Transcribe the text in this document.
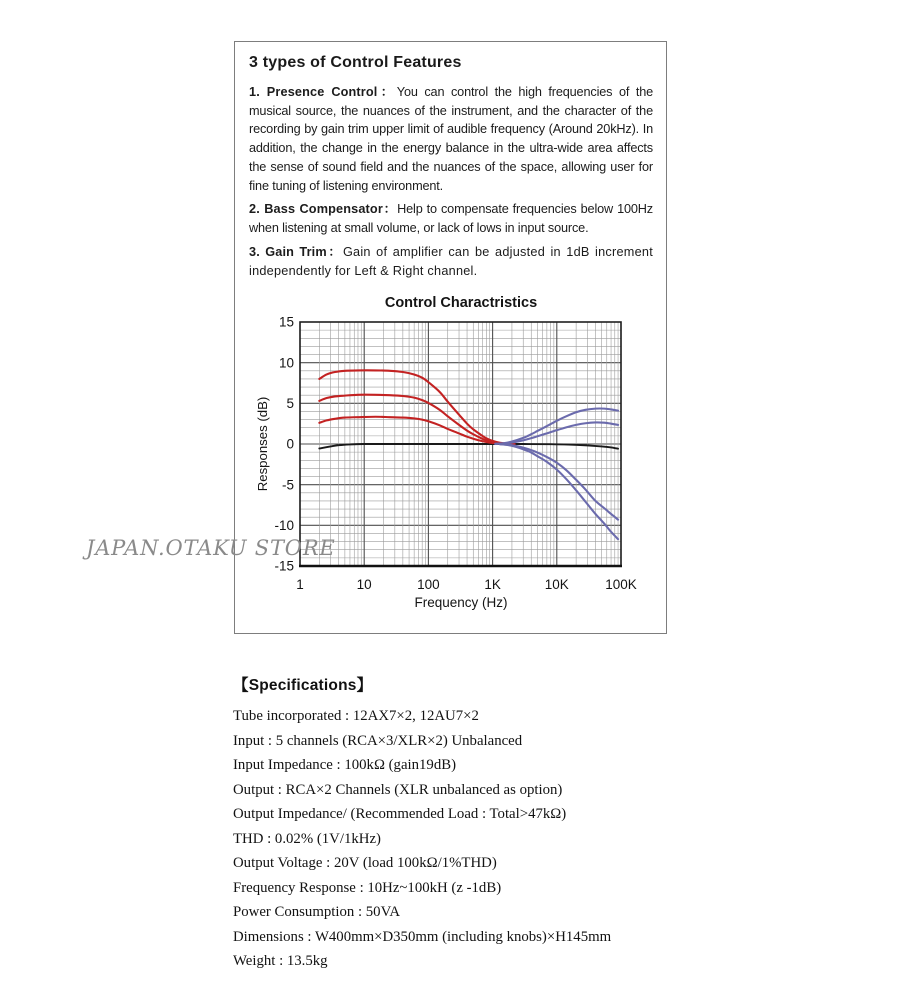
3 types of Control Features

1. Presence Control：You can control the high frequencies of the musical source, the nuances of the instrument, and the character of the recording by gain trim upper limit of audible frequency (Around 20kHz). In addition, the change in the energy balance in the ultra-wide area affects the sense of sound field and the nuances of the space, allowing user for fine tuning of listening environment.

2. Bass Compensator：Help to compensate frequencies below 100Hz when listening at small volume, or lack of lows in input source.

3. Gain Trim：Gain of amplifier can be adjusted in 1dB increment independently for Left & Right channel.

Control Charactristics
15
10
5
0
-5
-10
-15
1	10	100	1K	10K	100K
Frequency (Hz)
Responses (dB)
JAPAN.OTAKU STORE
【Specifications】
Tube incorporated : 12AX7×2, 12AU7×2
Input : 5 channels (RCA×3/XLR×2) Unbalanced
Input Impedance : 100kΩ (gain19dB)
Output : RCA×2 Channels (XLR unbalanced as option)
Output Impedance/ (Recommended Load : Total>47kΩ)
THD : 0.02% (1V/1kHz)
Output Voltage : 20V (load 100kΩ/1%THD)
Frequency Response : 10Hz~100kH (z -1dB)
Power Consumption : 50VA
Dimensions : W400mm×D350mm (including knobs)×H145mm
Weight : 13.5kg
